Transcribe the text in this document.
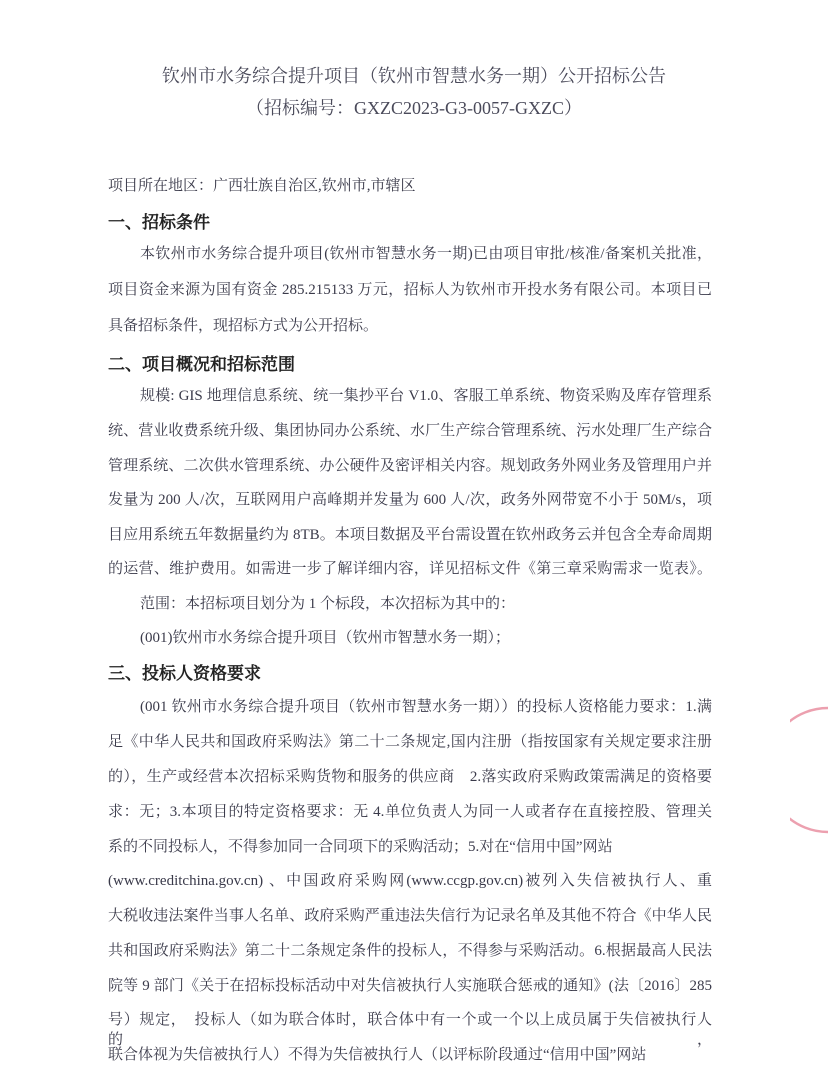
钦州市水务综合提升项目（钦州市智慧水务一期）公开招标公告
（招标编号：GXZC2023-G3-0057-GXZC）
项目所在地区：广西壮族自治区,钦州市,市辖区
一、招标条件
本钦州市水务综合提升项目(钦州市智慧水务一期)已由项目审批/核准/备案机关批准，
项目资金来源为国有资金 285.215133 万元，招标人为钦州市开投水务有限公司。本项目已
具备招标条件，现招标方式为公开招标。
二、项目概况和招标范围
规模: GIS 地理信息系统、统一集抄平台 V1.0、客服工单系统、物资采购及库存管理系
统、营业收费系统升级、集团协同办公系统、水厂生产综合管理系统、污水处理厂生产综合
管理系统、二次供水管理系统、办公硬件及密评相关内容。规划政务外网业务及管理用户并
发量为 200 人/次，互联网用户高峰期并发量为 600 人/次，政务外网带宽不小于 50M/s，项
目应用系统五年数据量约为 8TB。本项目数据及平台需设置在钦州政务云并包含全寿命周期
的运营、维护费用。如需进一步了解详细内容，详见招标文件《第三章采购需求一览表》。
范围：本招标项目划分为 1 个标段，本次招标为其中的：
(001)钦州市水务综合提升项目（钦州市智慧水务一期）；
三、投标人资格要求
(001 钦州市水务综合提升项目（钦州市智慧水务一期））的投标人资格能力要求：1.满
足《中华人民共和国政府采购法》第二十二条规定,国内注册（指按国家有关规定要求注册
的），生产或经营本次招标采购货物和服务的供应商　2.落实政府采购政策需满足的资格要
求：无；3.本项目的特定资格要求：无 4.单位负责人为同一人或者存在直接控股、管理关
系的不同投标人，不得参加同一合同项下的采购活动；5.对在“信用中国”网站
(www.creditchina.gov.cn) 、中国政府采购网(www.ccgp.gov.cn)被列入失信被执行人、重
大税收违法案件当事人名单、政府采购严重违法失信行为记录名单及其他不符合《中华人民
共和国政府采购法》第二十二条规定条件的投标人，不得参与采购活动。6.根据最高人民法
院等 9 部门《关于在招标投标活动中对失信被执行人实施联合惩戒的通知》(法〔2016〕285
号）规定，　投标人（如为联合体时，联合体中有一个或一个以上成员属于失信被执行人的，
联合体视为失信被执行人）不得为失信被执行人（以评标阶段通过“信用中国”网站
